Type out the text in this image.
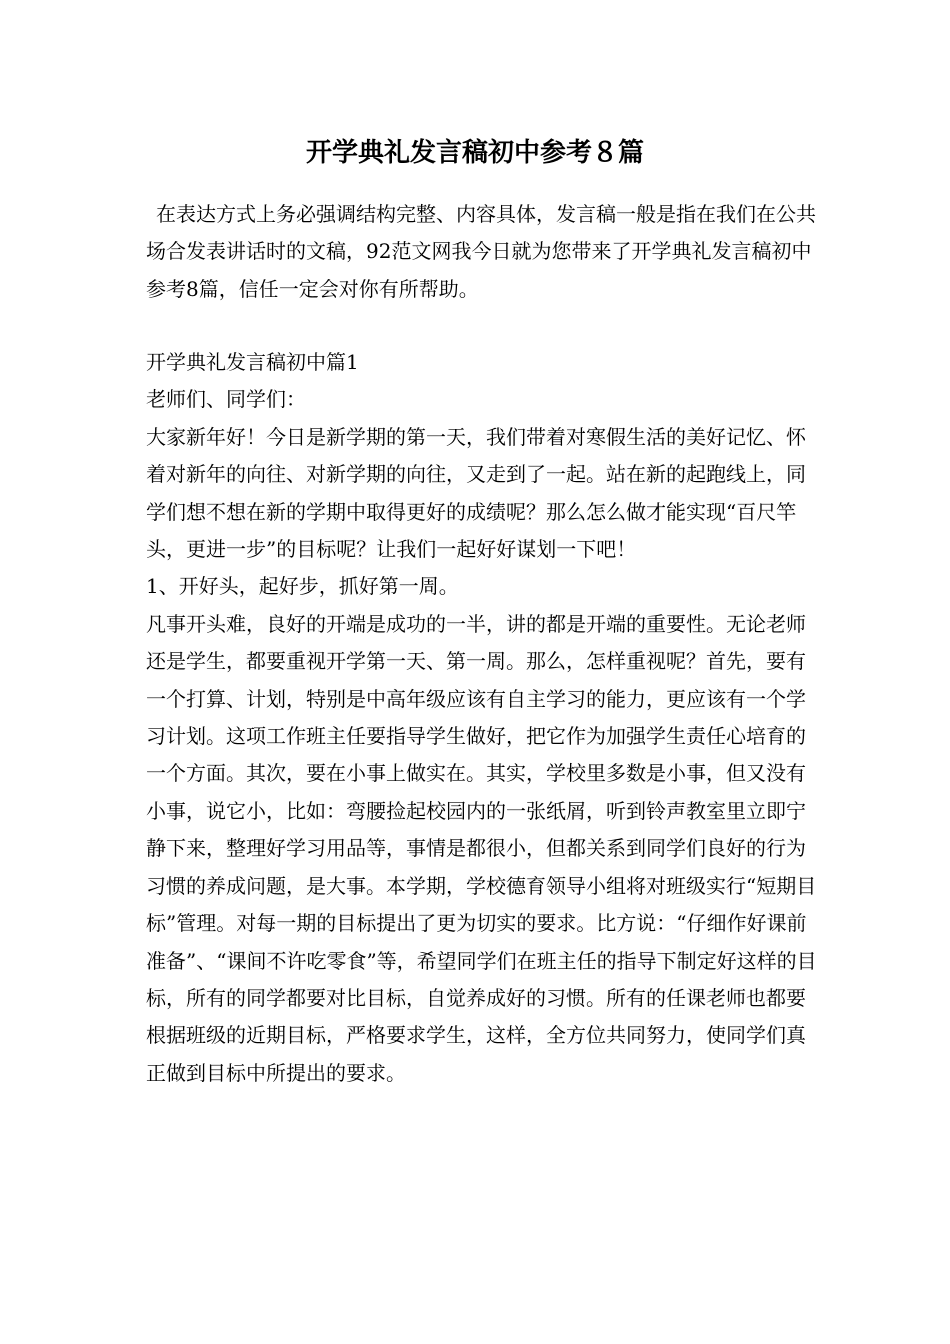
开学典礼发言稿初中参考８篇

在表达方式上务必强调结构完整、内容具体，发言稿一般是指在我们在公共场合发表讲话时的文稿，92范文网我今日就为您带来了开学典礼发言稿初中参考8篇，信任一定会对你有所帮助。

开学典礼发言稿初中篇1

老师们、同学们：

大家新年好！今日是新学期的第一天，我们带着对寒假生活的美好记忆、怀着对新年的向往、对新学期的向往，又走到了一起。站在新的起跑线上，同学们想不想在新的学期中取得更好的成绩呢？那么怎么做才能实现“百尺竿头，更进一步”的目标呢？让我们一起好好谋划一下吧！

1、开好头，起好步，抓好第一周。

凡事开头难，良好的开端是成功的一半，讲的都是开端的重要性。无论老师还是学生，都要重视开学第一天、第一周。那么，怎样重视呢？首先，要有一个打算、计划，特别是中高年级应该有自主学习的能力，更应该有一个学习计划。这项工作班主任要指导学生做好，把它作为加强学生责任心培育的一个方面。其次，要在小事上做实在。其实，学校里多数是小事，但又没有小事，说它小，比如：弯腰捡起校园内的一张纸屑，听到铃声教室里立即宁静下来，整理好学习用品等，事情是都很小，但都关系到同学们良好的行为习惯的养成问题，是大事。本学期，学校德育领导小组将对班级实行“短期目标”管理。对每一期的目标提出了更为切实的要求。比方说：“仔细作好课前准备”、“课间不许吃零食”等，希望同学们在班主任的指导下制定好这样的目标，所有的同学都要对比目标，自觉养成好的习惯。所有的任课老师也都要根据班级的近期目标，严格要求学生，这样，全方位共同努力，使同学们真正做到目标中所提出的要求。
